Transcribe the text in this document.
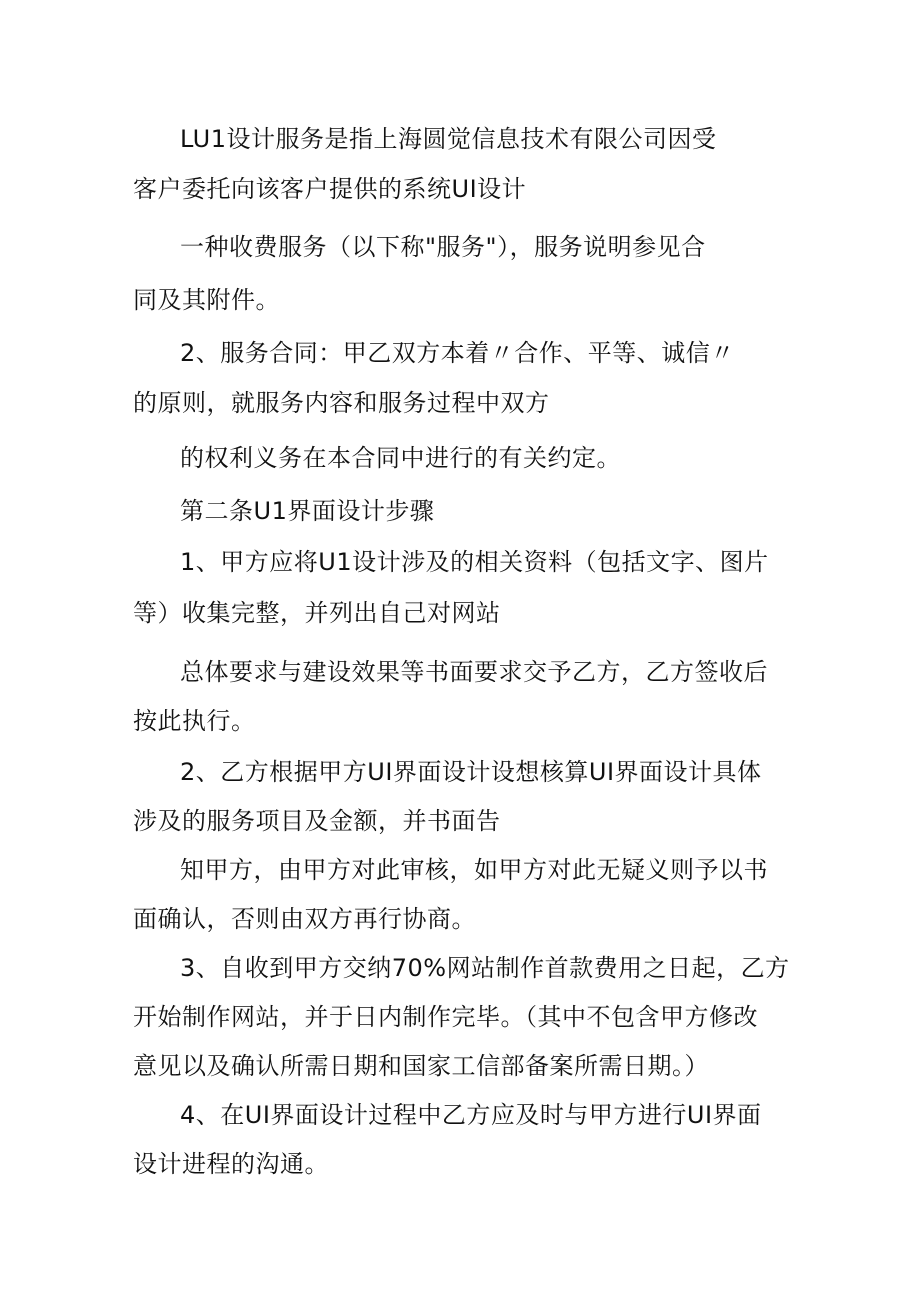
LU1设计服务是指上海圆觉信息技术有限公司因受
客户委托向该客户提供的系统UI设计
一种收费服务（以下称"服务"），服务说明参见合
同及其附件。
2、服务合同：甲乙双方本着〃合作、平等、诚信〃
的原则，就服务内容和服务过程中双方
的权利义务在本合同中进行的有关约定。
第二条U1界面设计步骤
1、甲方应将U1设计涉及的相关资料（包括文字、图片
等）收集完整，并列出自己对网站
总体要求与建设效果等书面要求交予乙方，乙方签收后
按此执行。
2、乙方根据甲方UI界面设计设想核算UI界面设计具体
涉及的服务项目及金额，并书面告
知甲方，由甲方对此审核，如甲方对此无疑义则予以书
面确认，否则由双方再行协商。
3、自收到甲方交纳70%网站制作首款费用之日起，乙方
开始制作网站，并于日内制作完毕。（其中不包含甲方修改
意见以及确认所需日期和国家工信部备案所需日期。）
4、在UI界面设计过程中乙方应及时与甲方进行UI界面
设计进程的沟通。
